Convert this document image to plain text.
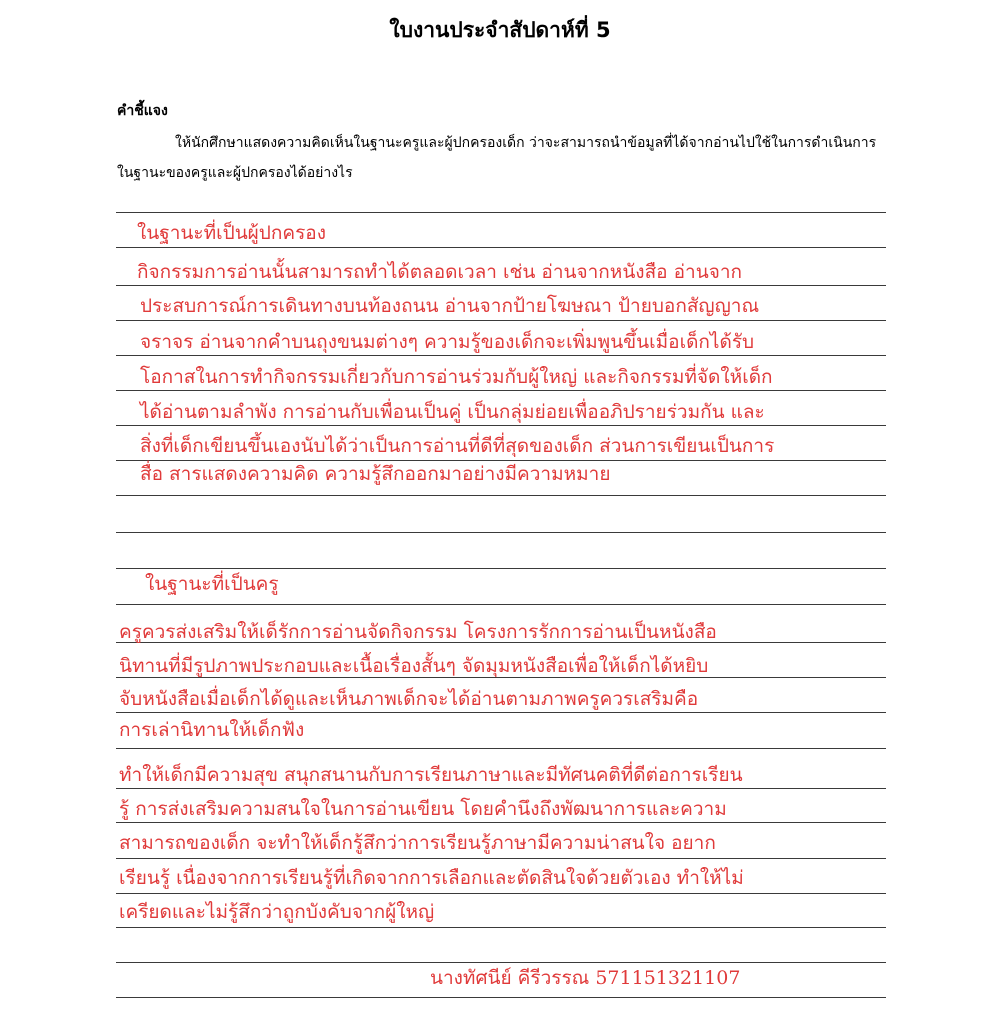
ใบงานประจำสัปดาห์ที่ 5
คำชี้แจง

ให้นักศึกษาแสดงความคิดเห็นในฐานะครูและผู้ปกครองเด็ก ว่าจะสามารถนำข้อมูลที่ได้จากอ่านไปใช้ในการดำเนินการในฐานะของครูและผู้ปกครองได้อย่างไร

ในฐานะที่เป็นผู้ปกครอง
กิจกรรมการอ่านนั้นสามารถทำได้ตลอดเวลา เช่น อ่านจากหนังสือ อ่านจาก
ประสบการณ์การเดินทางบนท้องถนน อ่านจากป้ายโฆษณา ป้ายบอกสัญญาณ
จราจร อ่านจากคำบนถุงขนมต่างๆ ความรู้ของเด็กจะเพิ่มพูนขึ้นเมื่อเด็กได้รับ
โอกาสในการทำกิจกรรมเกี่ยวกับการอ่านร่วมกับผู้ใหญ่ และกิจกรรมที่จัดให้เด็ก
ได้อ่านตามลำพัง การอ่านกับเพื่อนเป็นคู่ เป็นกลุ่มย่อยเพื่ออภิปรายร่วมกัน และ
สิ่งที่เด็กเขียนขึ้นเองนับได้ว่าเป็นการอ่านที่ดีที่สุดของเด็ก ส่วนการเขียนเป็นการ
สื่อ สารแสดงความคิด ความรู้สึกออกมาอย่างมีความหมาย
ในฐานะที่เป็นครู
ครูควรส่งเสริมให้เด็รักการอ่านจัดกิจกรรม โครงการรักการอ่านเป็นหนังสือ
นิทานที่มีรูปภาพประกอบและเนื้อเรื่องสั้นๆ จัดมุมหนังสือเพื่อให้เด็กได้หยิบ
จับหนังสือเมื่อเด็กได้ดูและเห็นภาพเด็กจะได้อ่านตามภาพครูควรเสริมคือ
การเล่านิทานให้เด็กฟัง
ทำให้เด็กมีความสุข สนุกสนานกับการเรียนภาษาและมีทัศนคติที่ดีต่อการเรียน
รู้ การส่งเสริมความสนใจในการอ่านเขียน โดยคำนึงถึงพัฒนาการและความ
สามารถของเด็ก จะทำให้เด็กรู้สึกว่าการเรียนรู้ภาษามีความน่าสนใจ อยาก
เรียนรู้ เนื่องจากการเรียนรู้ที่เกิดจากการเลือกและตัดสินใจด้วยตัวเอง ทำให้ไม่
เครียดและไม่รู้สึกว่าถูกบังคับจากผู้ใหญ่
นางทัศนีย์ คีรีวรรณ 571151321107
